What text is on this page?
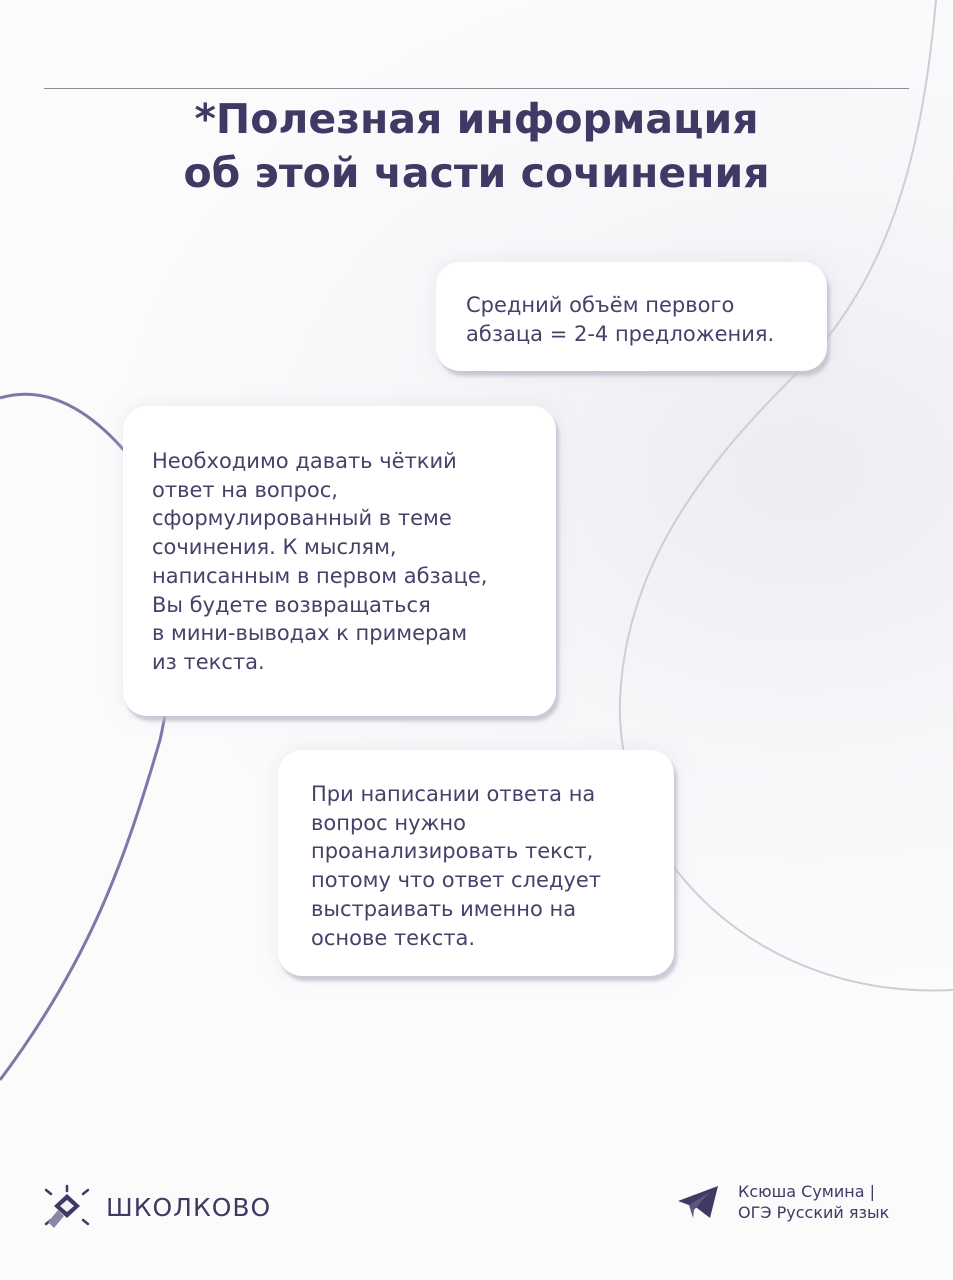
*Полезная информация
об этой части сочинения

Средний объём первого
абзаца = 2-4 предложения.

Необходимо давать чёткий
ответ на вопрос,
сформулированный в теме
сочинения. К мыслям,
написанным в первом абзаце,
Вы будете возвращаться
в мини-выводах к примерам
из текста.

При написании ответа на
вопрос нужно
проанализировать текст,
потому что ответ следует
выстраивать именно на
основе текста.

ШКОЛКОВО
Ксюша Сумина |
ОГЭ Русский язык
